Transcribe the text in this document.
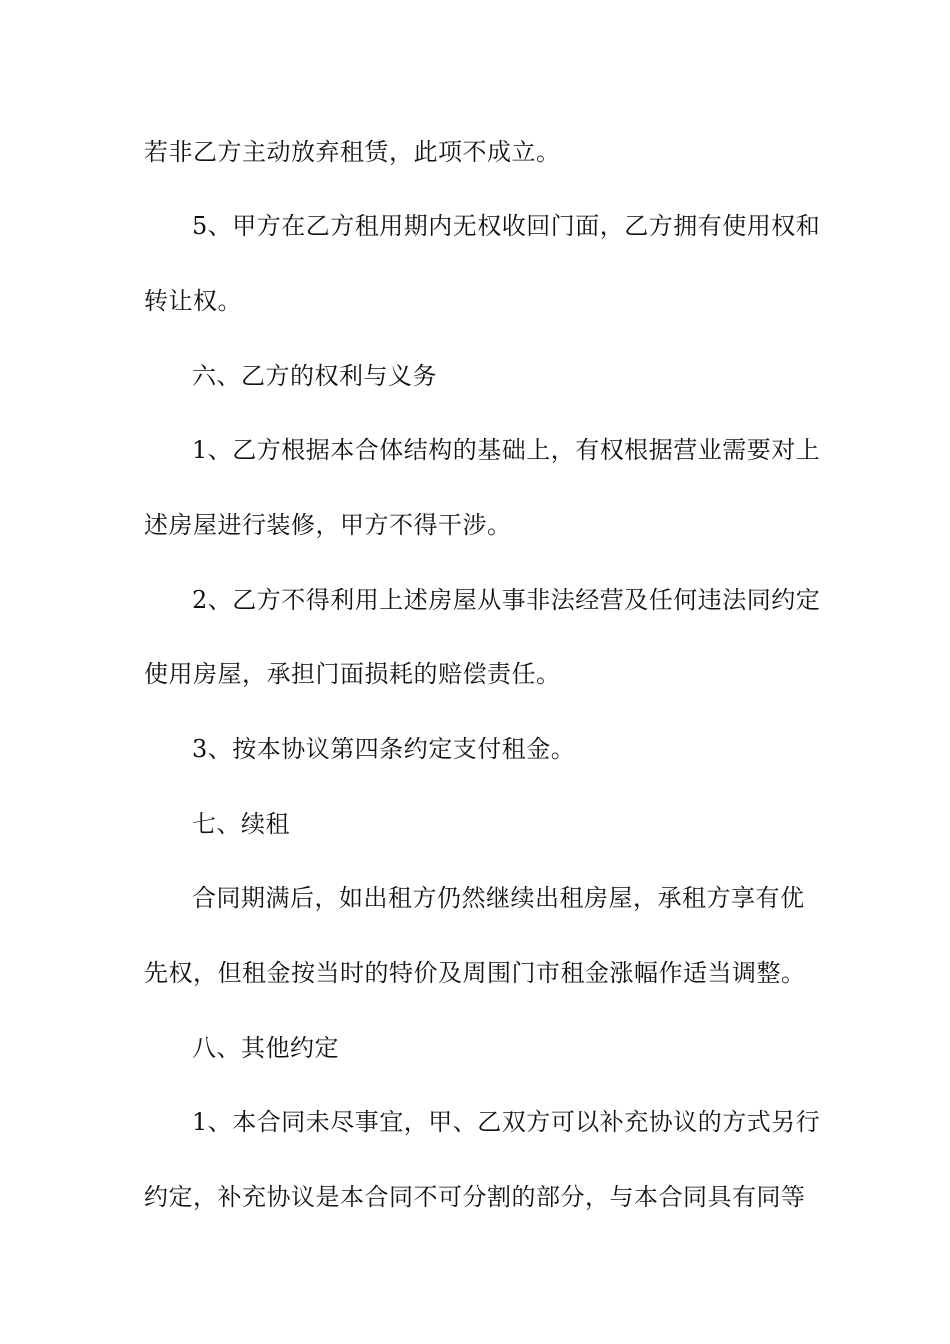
若非乙方主动放弃租赁，此项不成立。
5、甲方在乙方租用期内无权收回门面，乙方拥有使用权和
转让权。
六、乙方的权利与义务
1、乙方根据本合体结构的基础上，有权根据营业需要对上
述房屋进行装修，甲方不得干涉。
2、乙方不得利用上述房屋从事非法经营及任何违法同约定
使用房屋，承担门面损耗的赔偿责任。
3、按本协议第四条约定支付租金。
七、续租
合同期满后，如出租方仍然继续出租房屋，承租方享有优
先权，但租金按当时的特价及周围门市租金涨幅作适当调整。
八、其他约定
1、本合同未尽事宜，甲、乙双方可以补充协议的方式另行
约定，补充协议是本合同不可分割的部分，与本合同具有同等
